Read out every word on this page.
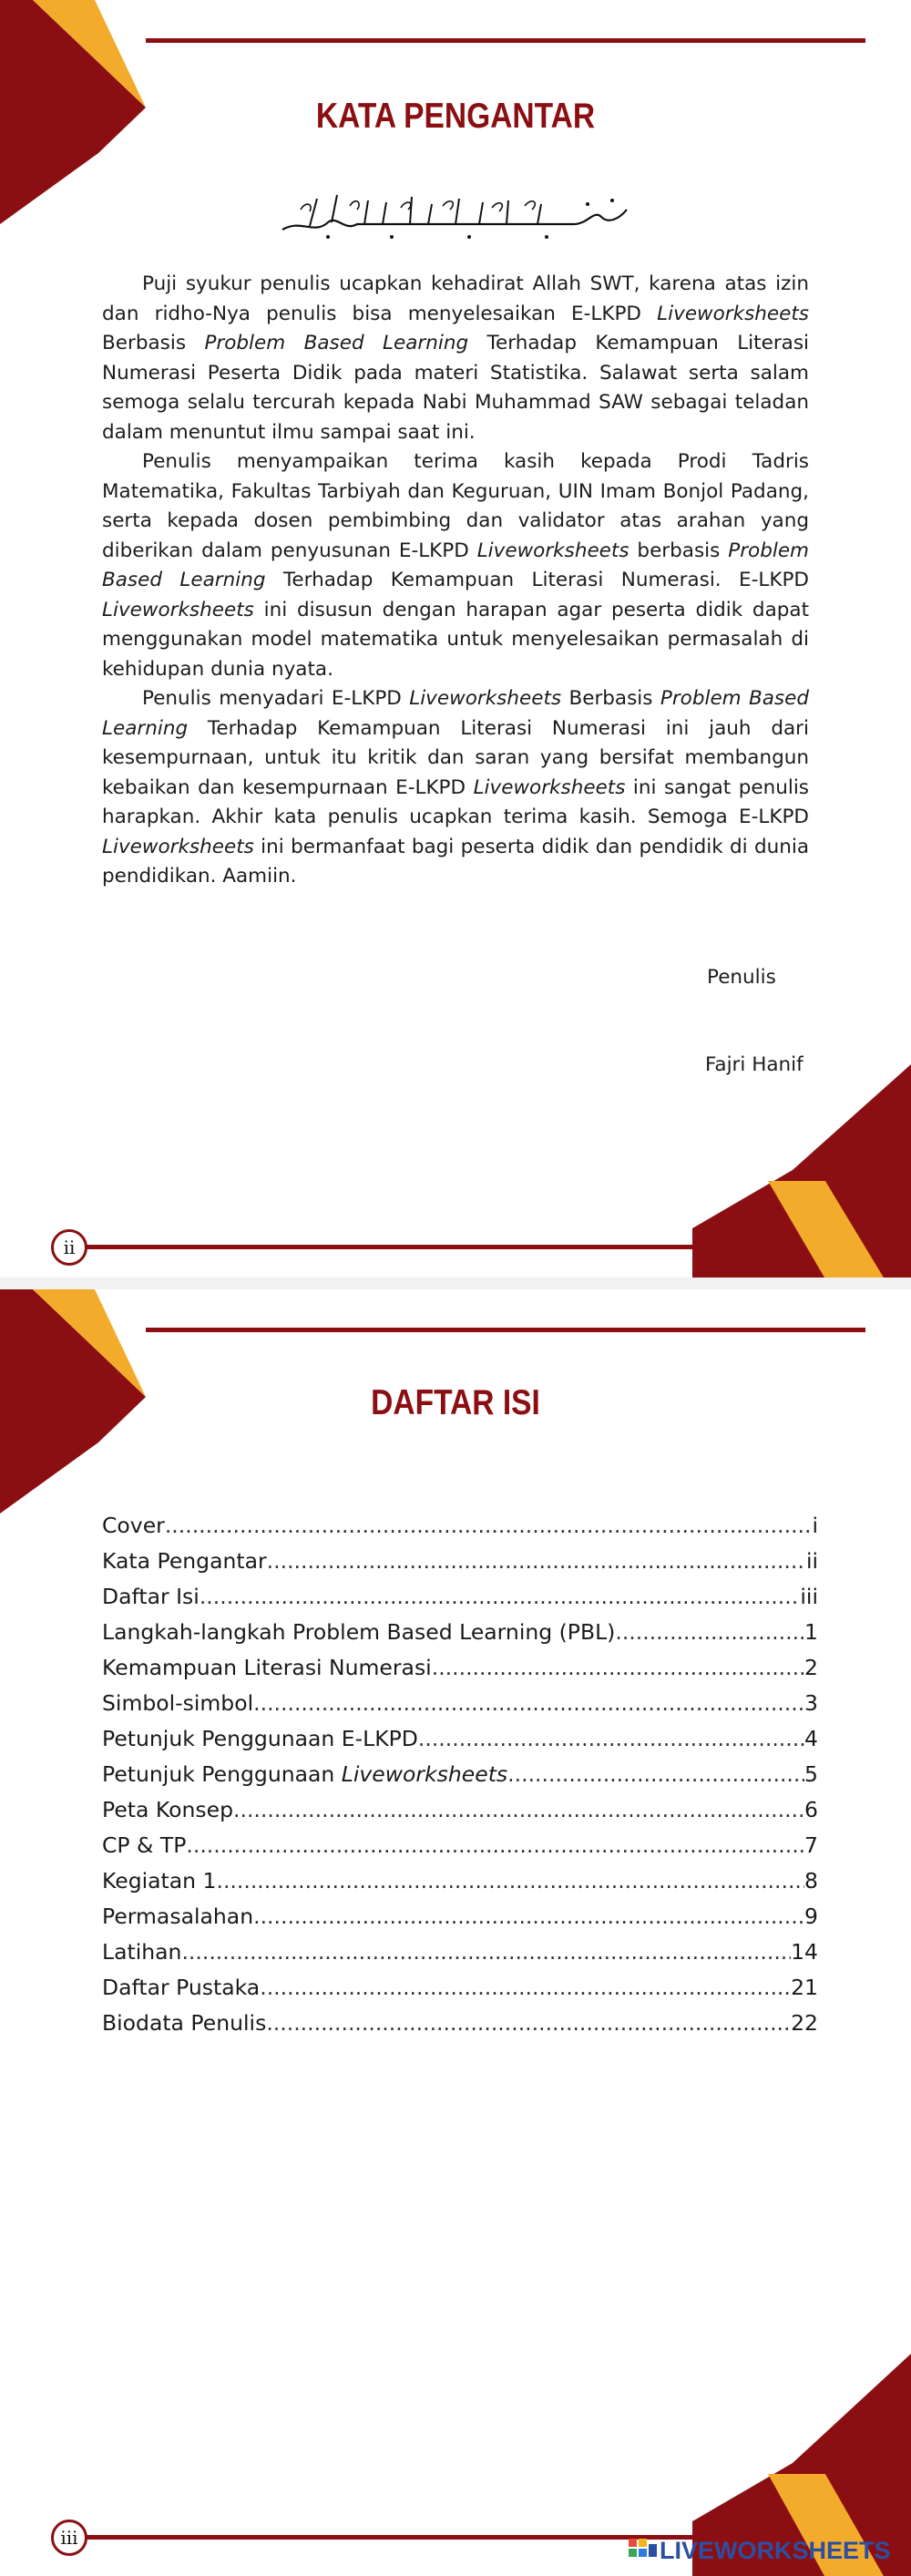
KATA PENGANTAR

Puji syukur penulis ucapkan kehadirat Allah SWT, karena atas izin dan ridho-Nya penulis bisa menyelesaikan E-LKPD Liveworksheets Berbasis Problem Based Learning Terhadap Kemampuan Literasi Numerasi Peserta Didik pada materi Statistika. Salawat serta salam semoga selalu tercurah kepada Nabi Muhammad SAW sebagai teladan dalam menuntut ilmu sampai saat ini.

Penulis menyampaikan terima kasih kepada Prodi Tadris Matematika, Fakultas Tarbiyah dan Keguruan, UIN Imam Bonjol Padang, serta kepada dosen pembimbing dan validator atas arahan yang diberikan dalam penyusunan E-LKPD Liveworksheets berbasis Problem Based Learning Terhadap Kemampuan Literasi Numerasi. E-LKPD Liveworksheets ini disusun dengan harapan agar peserta didik dapat menggunakan model matematika untuk menyelesaikan permasalah di kehidupan dunia nyata.

Penulis menyadari E-LKPD Liveworksheets Berbasis Problem Based Learning Terhadap Kemampuan Literasi Numerasi ini jauh dari kesempurnaan, untuk itu kritik dan saran yang bersifat membangun kebaikan dan kesempurnaan E-LKPD Liveworksheets ini sangat penulis harapkan. Akhir kata penulis ucapkan terima kasih. Semoga E-LKPD Liveworksheets ini bermanfaat bagi peserta didik dan pendidik di dunia pendidikan. Aamiin.

Penulis
Fajri Hanif
ii
DAFTAR ISI
iii
Cover .....	i
Kata Pengantar .....	ii
Daftar Isi .....	iii
Langkah-langkah Problem Based Learning (PBL) .....	1
Kemampuan Literasi Numerasi .....	2
Simbol-simbol .....	3
Petunjuk Penggunaan E-LKPD .....	4
Petunjuk Penggunaan Liveworksheets .....	5
Peta Konsep .....	6
CP & TP .....	7
Kegiatan 1 .....	8
Permasalahan .....	9
Latihan .....	14
Daftar Pustaka .....	21
Biodata Penulis .....	22
LIVEWORKSHEETS
